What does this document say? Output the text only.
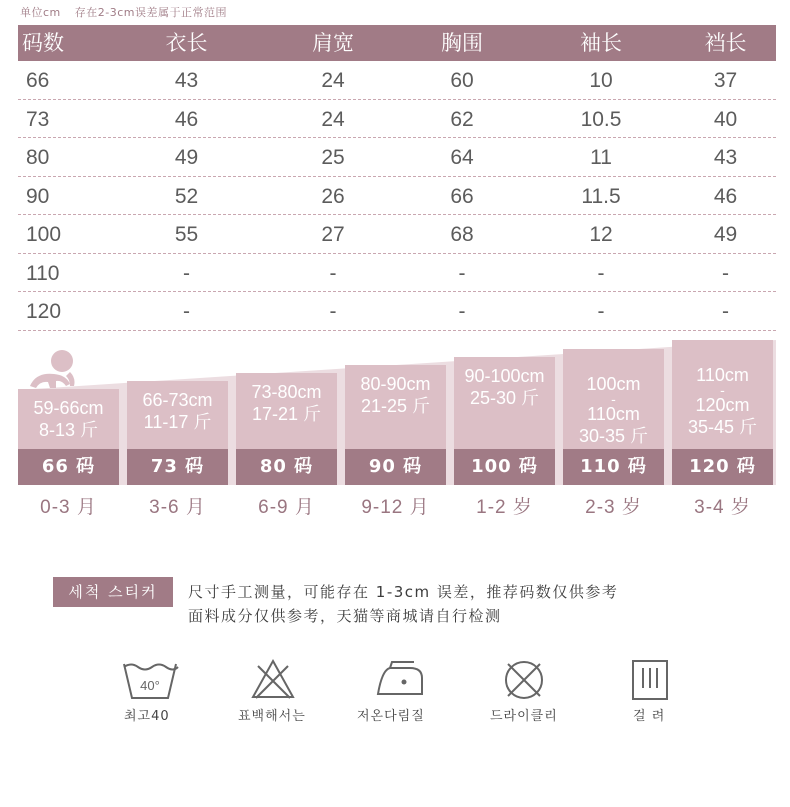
单位cm 存在2-3cm误差属于正常范围
码数	衣长	肩宽	胸围	袖长	裆长
66	43	24	60	10	37
73	46	24	62	10.5	40
80	49	25	64	11	43
90	52	26	66	11.5	46
100	55	27	68	12	49
110	-	-	-	-	-
120	-	-	-	-	-
59-66cm
8-13 斤
66 码
66-73cm
11-17 斤
73 码
73-80cm
17-21 斤
80 码
80-90cm
21-25 斤
90 码
90-100cm
25-30 斤
100 码
100cm
-
110cm
30-35 斤
110 码
110cm
-
120cm
35-45 斤
120 码
0-3 月	3-6 月	6-9 月	9-12 月	1-2 岁	2-3 岁	3-4 岁
세척 스티커	尺寸手工测量，可能存在 1-3cm 误差，推荐码数仅供参考
面料成分仅供参考，天猫等商城请自行检测
40°
최고40	표백해서는	저온다림질	드라이클리	걸 려
